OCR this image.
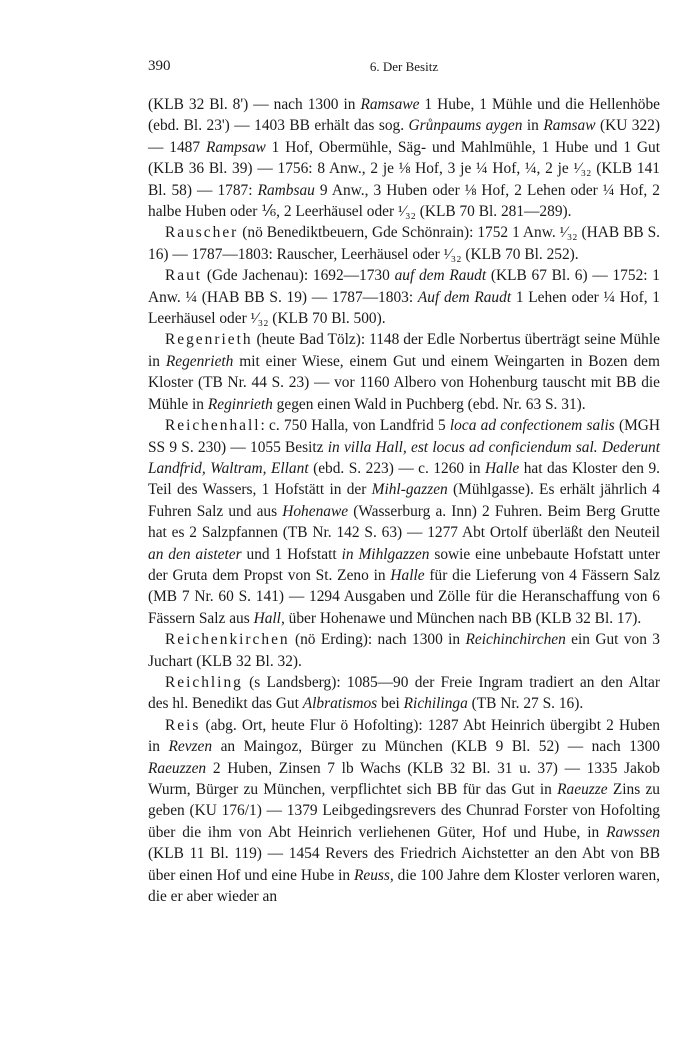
390	6. Der Besitz

(KLB 32 Bl. 8') — nach 1300 in Ramsawe 1 Hube, 1 Mühle und die Hellenhöbe (ebd. Bl. 23') — 1403 BB erhält das sog. Grůnpaums aygen in Ramsaw (KU 322) — 1487 Rampsaw 1 Hof, Obermühle, Säg- und Mahlmühle, 1 Hube und 1 Gut (KLB 36 Bl. 39) — 1756: 8 Anw., 2 je ⅛ Hof, 3 je ¼ Hof, ¼, 2 je ¹⁄₃₂ (KLB 141 Bl. 58) — 1787: Rambsau 9 Anw., 3 Huben oder ⅛ Hof, 2 Lehen oder ¼ Hof, 2 halbe Huben oder ⅙, 2 Leerhäusel oder ¹⁄₃₂ (KLB 70 Bl. 281—289).

Rauscher (nö Benediktbeuern, Gde Schönrain): 1752 1 Anw. ¹⁄₃₂ (HAB BB S. 16) — 1787—1803: Rauscher, Leerhäusel oder ¹⁄₃₂ (KLB 70 Bl. 252).

Raut (Gde Jachenau): 1692—1730 auf dem Raudt (KLB 67 Bl. 6) — 1752: 1 Anw. ¼ (HAB BB S. 19) — 1787—1803: Auf dem Raudt 1 Lehen oder ¼ Hof, 1 Leerhäusel oder ¹⁄₃₂ (KLB 70 Bl. 500).

Regenrieth (heute Bad Tölz): 1148 der Edle Norbertus überträgt seine Mühle in Regenrieth mit einer Wiese, einem Gut und einem Weingarten in Bozen dem Kloster (TB Nr. 44 S. 23) — vor 1160 Albero von Hohenburg tauscht mit BB die Mühle in Reginrieth gegen einen Wald in Puchberg (ebd. Nr. 63 S. 31).

Reichenhall: c. 750 Halla, von Landfrid 5 loca ad confectionem salis (MGH SS 9 S. 230) — 1055 Besitz in villa Hall, est locus ad conficiendum sal. Dederunt Landfrid, Waltram, Ellant (ebd. S. 223) — c. 1260 in Halle hat das Kloster den 9. Teil des Wassers, 1 Hofstätt in der Mihl-gazzen (Mühlgasse). Es erhält jährlich 4 Fuhren Salz und aus Hohenawe (Wasserburg a. Inn) 2 Fuhren. Beim Berg Grutte hat es 2 Salzpfannen (TB Nr. 142 S. 63) — 1277 Abt Ortolf überläßt den Neuteil an den aisteter und 1 Hofstatt in Mihlgazzen sowie eine unbebaute Hofstatt unter der Gruta dem Propst von St. Zeno in Halle für die Lieferung von 4 Fässern Salz (MB 7 Nr. 60 S. 141) — 1294 Ausgaben und Zölle für die Heranschaffung von 6 Fässern Salz aus Hall, über Hohenawe und München nach BB (KLB 32 Bl. 17).

Reichenkirchen (nö Erding): nach 1300 in Reichinchirchen ein Gut von 3 Juchart (KLB 32 Bl. 32).

Reichling (s Landsberg): 1085—90 der Freie Ingram tradiert an den Altar des hl. Benedikt das Gut Albratismos bei Richilinga (TB Nr. 27 S. 16).

Reis (abg. Ort, heute Flur ö Hofolting): 1287 Abt Heinrich übergibt 2 Huben in Revzen an Maingoz, Bürger zu München (KLB 9 Bl. 52) — nach 1300 Raeuzzen 2 Huben, Zinsen 7 lb Wachs (KLB 32 Bl. 31 u. 37) — 1335 Jakob Wurm, Bürger zu München, verpflichtet sich BB für das Gut in Raeuzze Zins zu geben (KU 176/1) — 1379 Leibgedingsrevers des Chunrad Forster von Hofolting über die ihm von Abt Heinrich verliehenen Güter, Hof und Hube, in Rawssen (KLB 11 Bl. 119) — 1454 Revers des Friedrich Aichstetter an den Abt von BB über einen Hof und eine Hube in Reuss, die 100 Jahre dem Kloster verloren waren, die er aber wieder an
